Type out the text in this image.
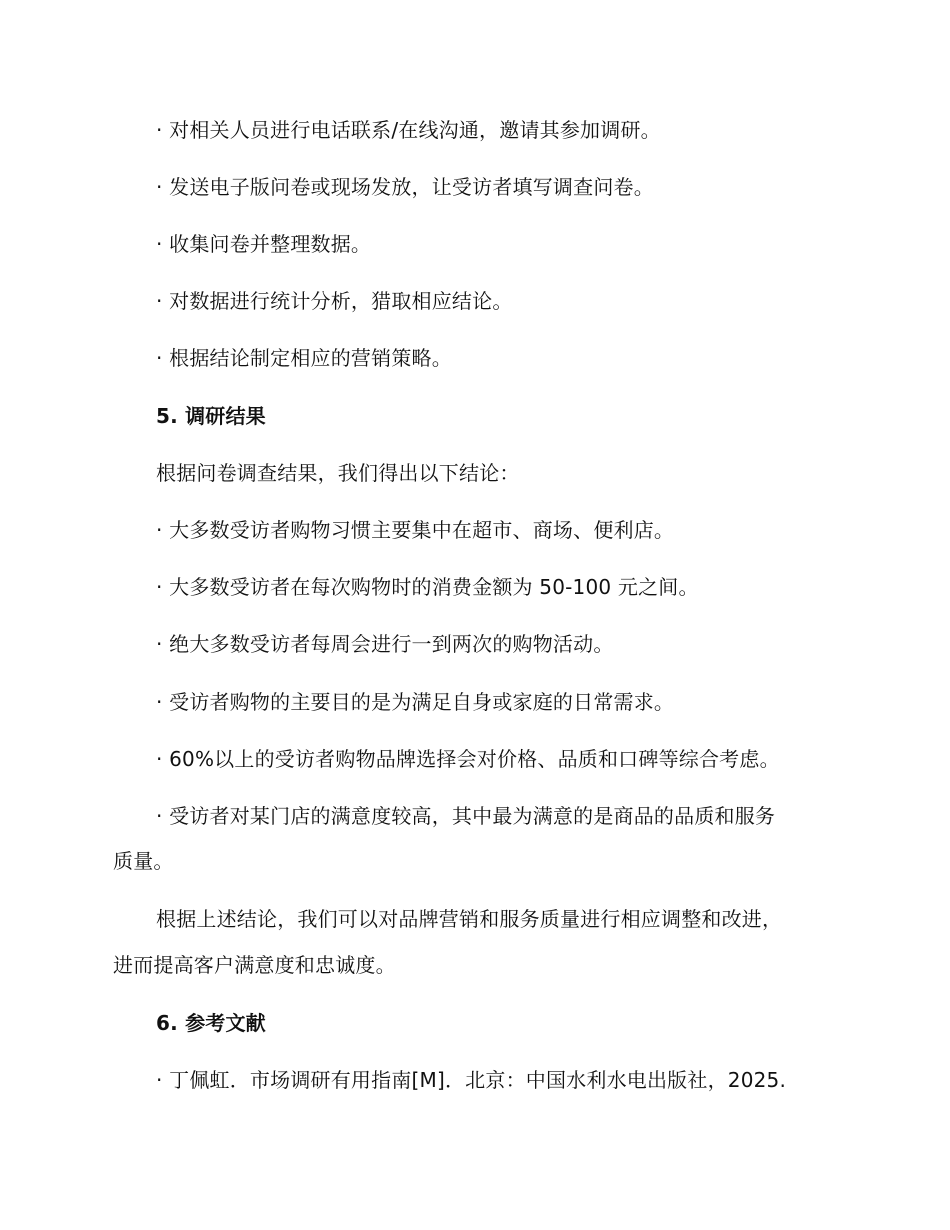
· 对相关人员进行电话联系/在线沟通，邀请其参加调研。
· 发送电子版问卷或现场发放，让受访者填写调查问卷。
· 收集问卷并整理数据。
· 对数据进行统计分析，猎取相应结论。
· 根据结论制定相应的营销策略。
5. 调研结果
根据问卷调查结果，我们得出以下结论：
· 大多数受访者购物习惯主要集中在超市、商场、便利店。
· 大多数受访者在每次购物时的消费金额为 50-100 元之间。
· 绝大多数受访者每周会进行一到两次的购物活动。
· 受访者购物的主要目的是为满足自身或家庭的日常需求。
· 60%以上的受访者购物品牌选择会对价格、品质和口碑等综合考虑。
· 受访者对某门店的满意度较高，其中最为满意的是商品的品质和服务
质量。
根据上述结论，我们可以对品牌营销和服务质量进行相应调整和改进，
进而提高客户满意度和忠诚度。
6. 参考文献
· 丁佩虹．市场调研有用指南[M]．北京：中国水利水电出版社，2025.
